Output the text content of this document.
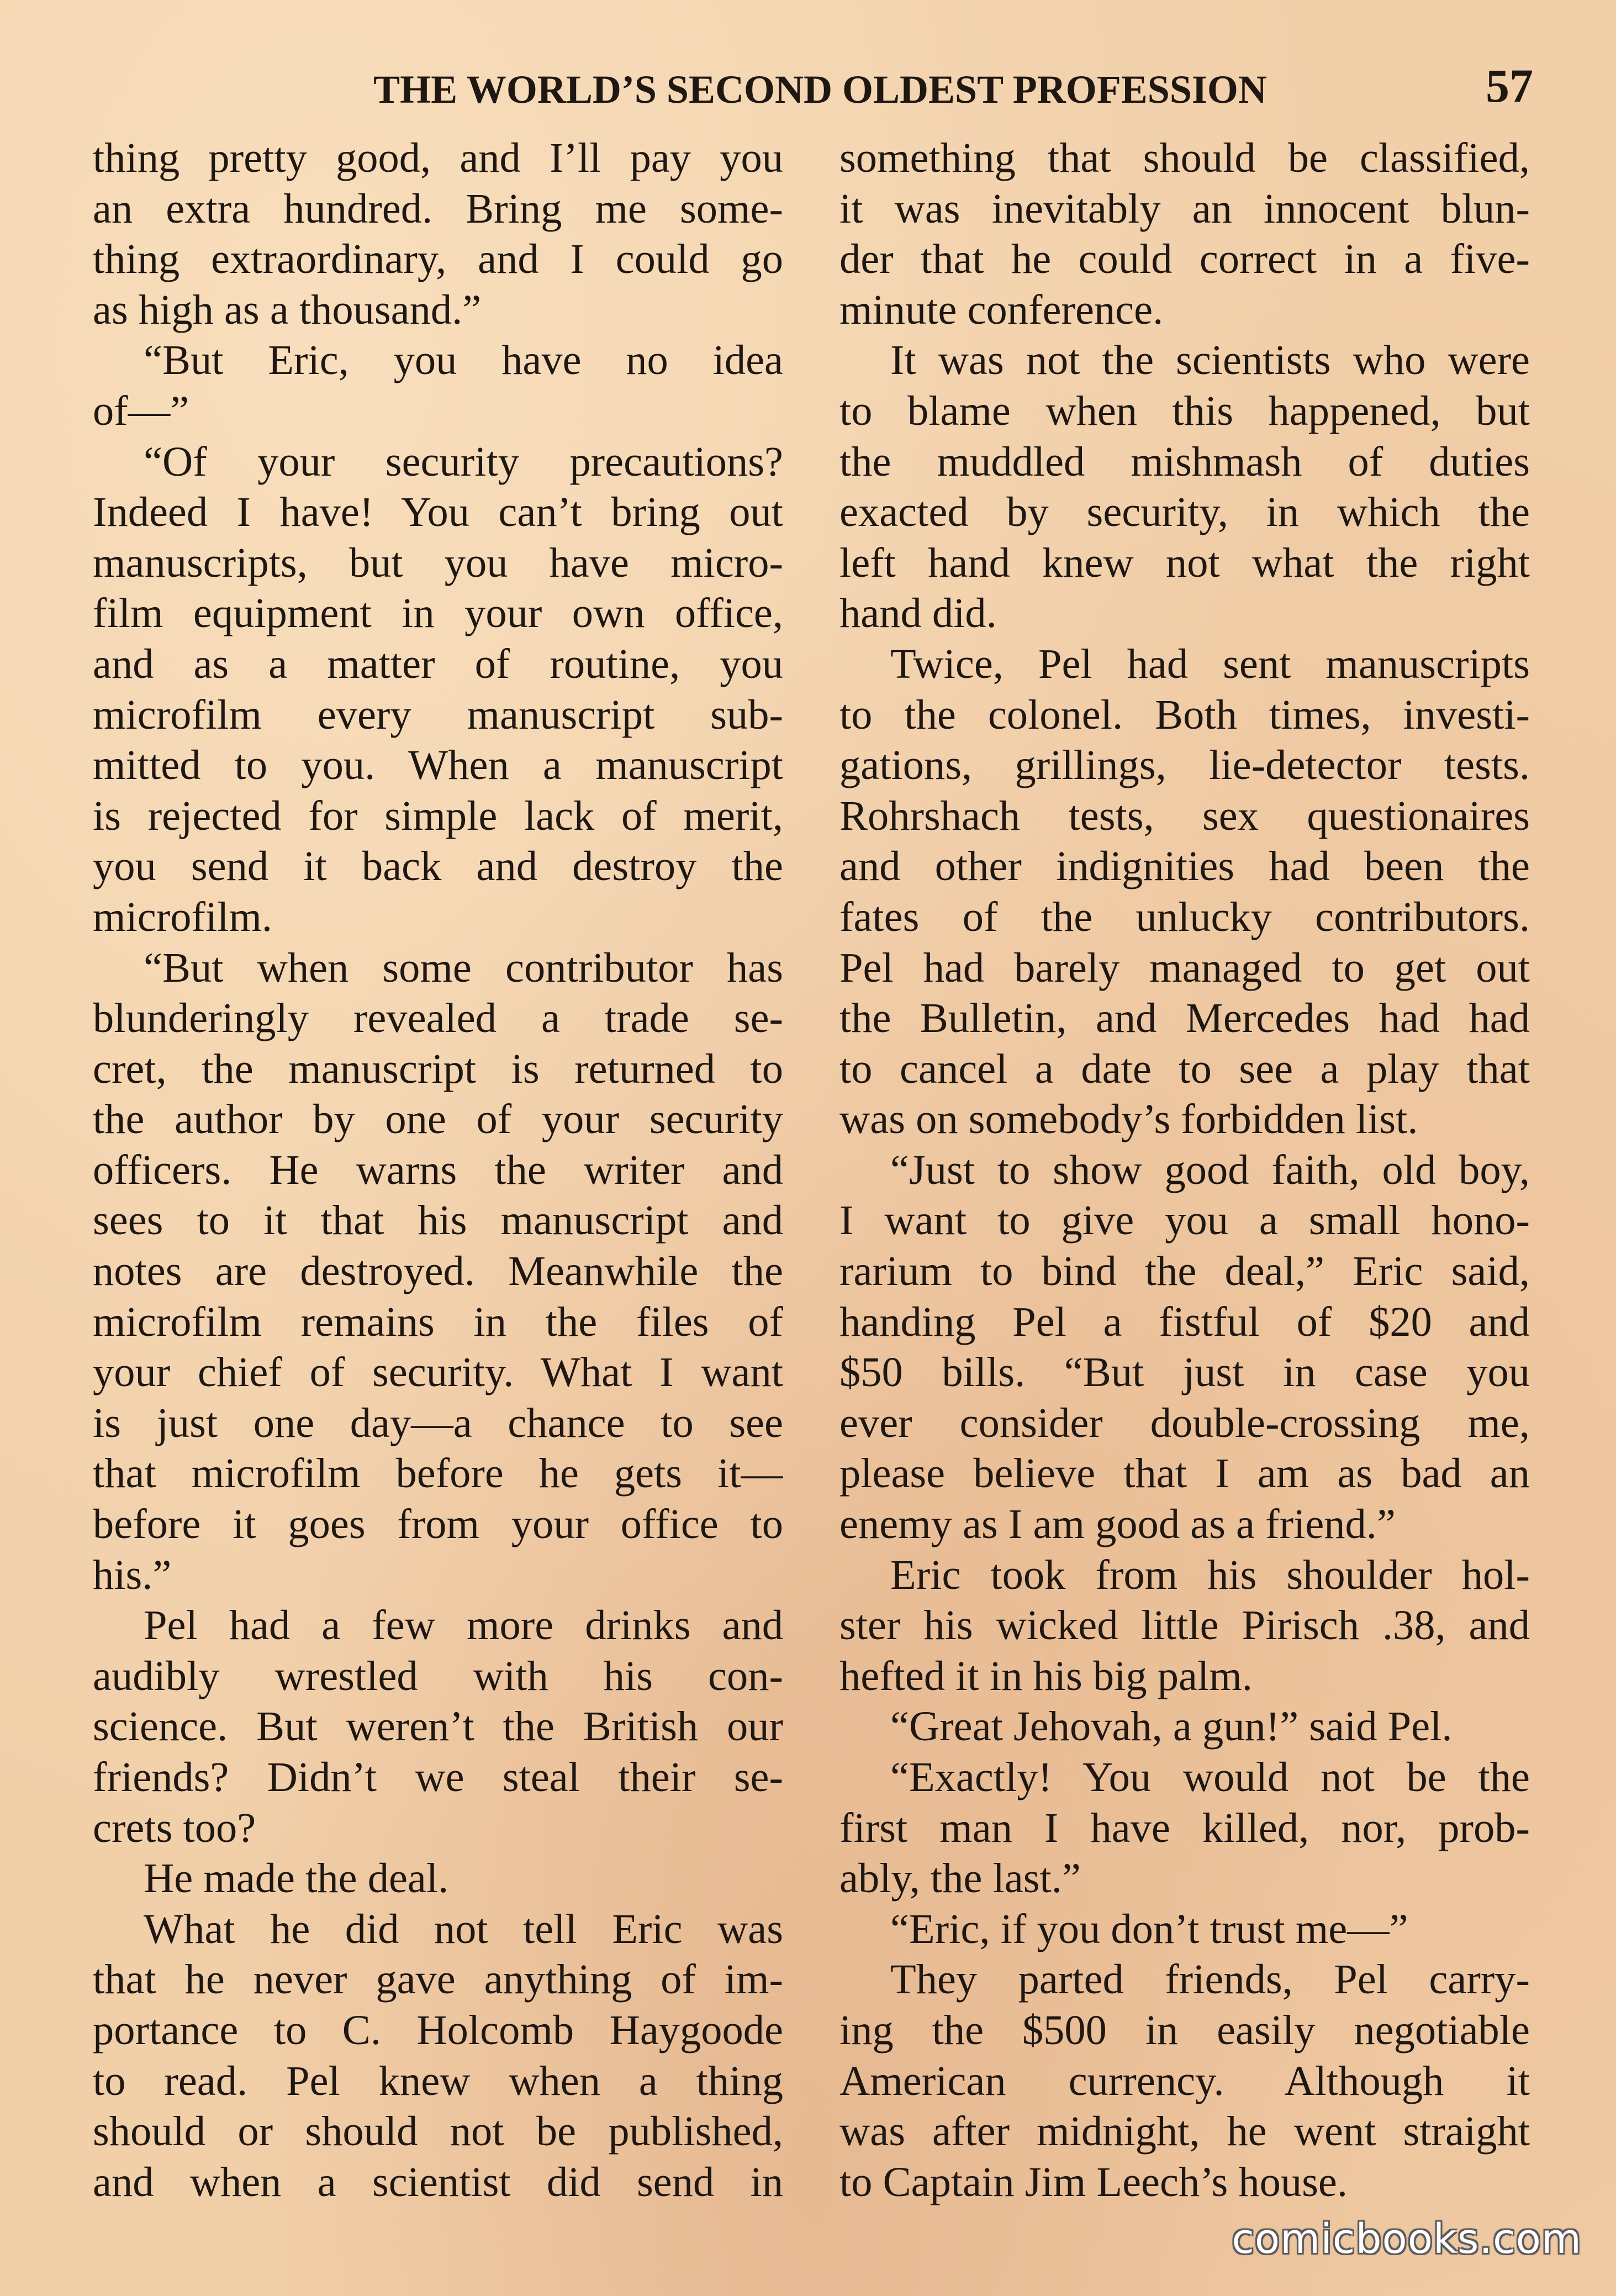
THE WORLD’S SECOND OLDEST PROFESSION	57
thing pretty good, and I’ll pay you
an extra hundred. Bring me some-
thing extraordinary, and I could go
as high as a thousand.”
“But Eric, you have no idea
of—”
“Of your security precautions?
Indeed I have! You can’t bring out
manuscripts, but you have micro-
film equipment in your own office,
and as a matter of routine, you
microfilm every manuscript sub-
mitted to you. When a manuscript
is rejected for simple lack of merit,
you send it back and destroy the
microfilm.
“But when some contributor has
blunderingly revealed a trade se-
cret, the manuscript is returned to
the author by one of your security
officers. He warns the writer and
sees to it that his manuscript and
notes are destroyed. Meanwhile the
microfilm remains in the files of
your chief of security. What I want
is just one day—a chance to see
that microfilm before he gets it—
before it goes from your office to
his.”
Pel had a few more drinks and
audibly wrestled with his con-
science. But weren’t the British our
friends? Didn’t we steal their se-
crets too?
He made the deal.
What he did not tell Eric was
that he never gave anything of im-
portance to C. Holcomb Haygoode
to read. Pel knew when a thing
should or should not be published,
and when a scientist did send in
something that should be classified,
it was inevitably an innocent blun-
der that he could correct in a five-
minute conference.
It was not the scientists who were
to blame when this happened, but
the muddled mishmash of duties
exacted by security, in which the
left hand knew not what the right
hand did.
Twice, Pel had sent manuscripts
to the colonel. Both times, investi-
gations, grillings, lie-detector tests.
Rohrshach tests, sex questionaires
and other indignities had been the
fates of the unlucky contributors.
Pel had barely managed to get out
the Bulletin, and Mercedes had had
to cancel a date to see a play that
was on somebody’s forbidden list.
“Just to show good faith, old boy,
I want to give you a small hono-
rarium to bind the deal,” Eric said,
handing Pel a fistful of $20 and
$50 bills. “But just in case you
ever consider double-crossing me,
please believe that I am as bad an
enemy as I am good as a friend.”
Eric took from his shoulder hol-
ster his wicked little Pirisch .38, and
hefted it in his big palm.
“Great Jehovah, a gun!” said Pel.
“Exactly! You would not be the
first man I have killed, nor, prob-
ably, the last.”
“Eric, if you don’t trust me—”
They parted friends, Pel carry-
ing the $500 in easily negotiable
American currency. Although it
was after midnight, he went straight
to Captain Jim Leech’s house.
comicbooks.com
